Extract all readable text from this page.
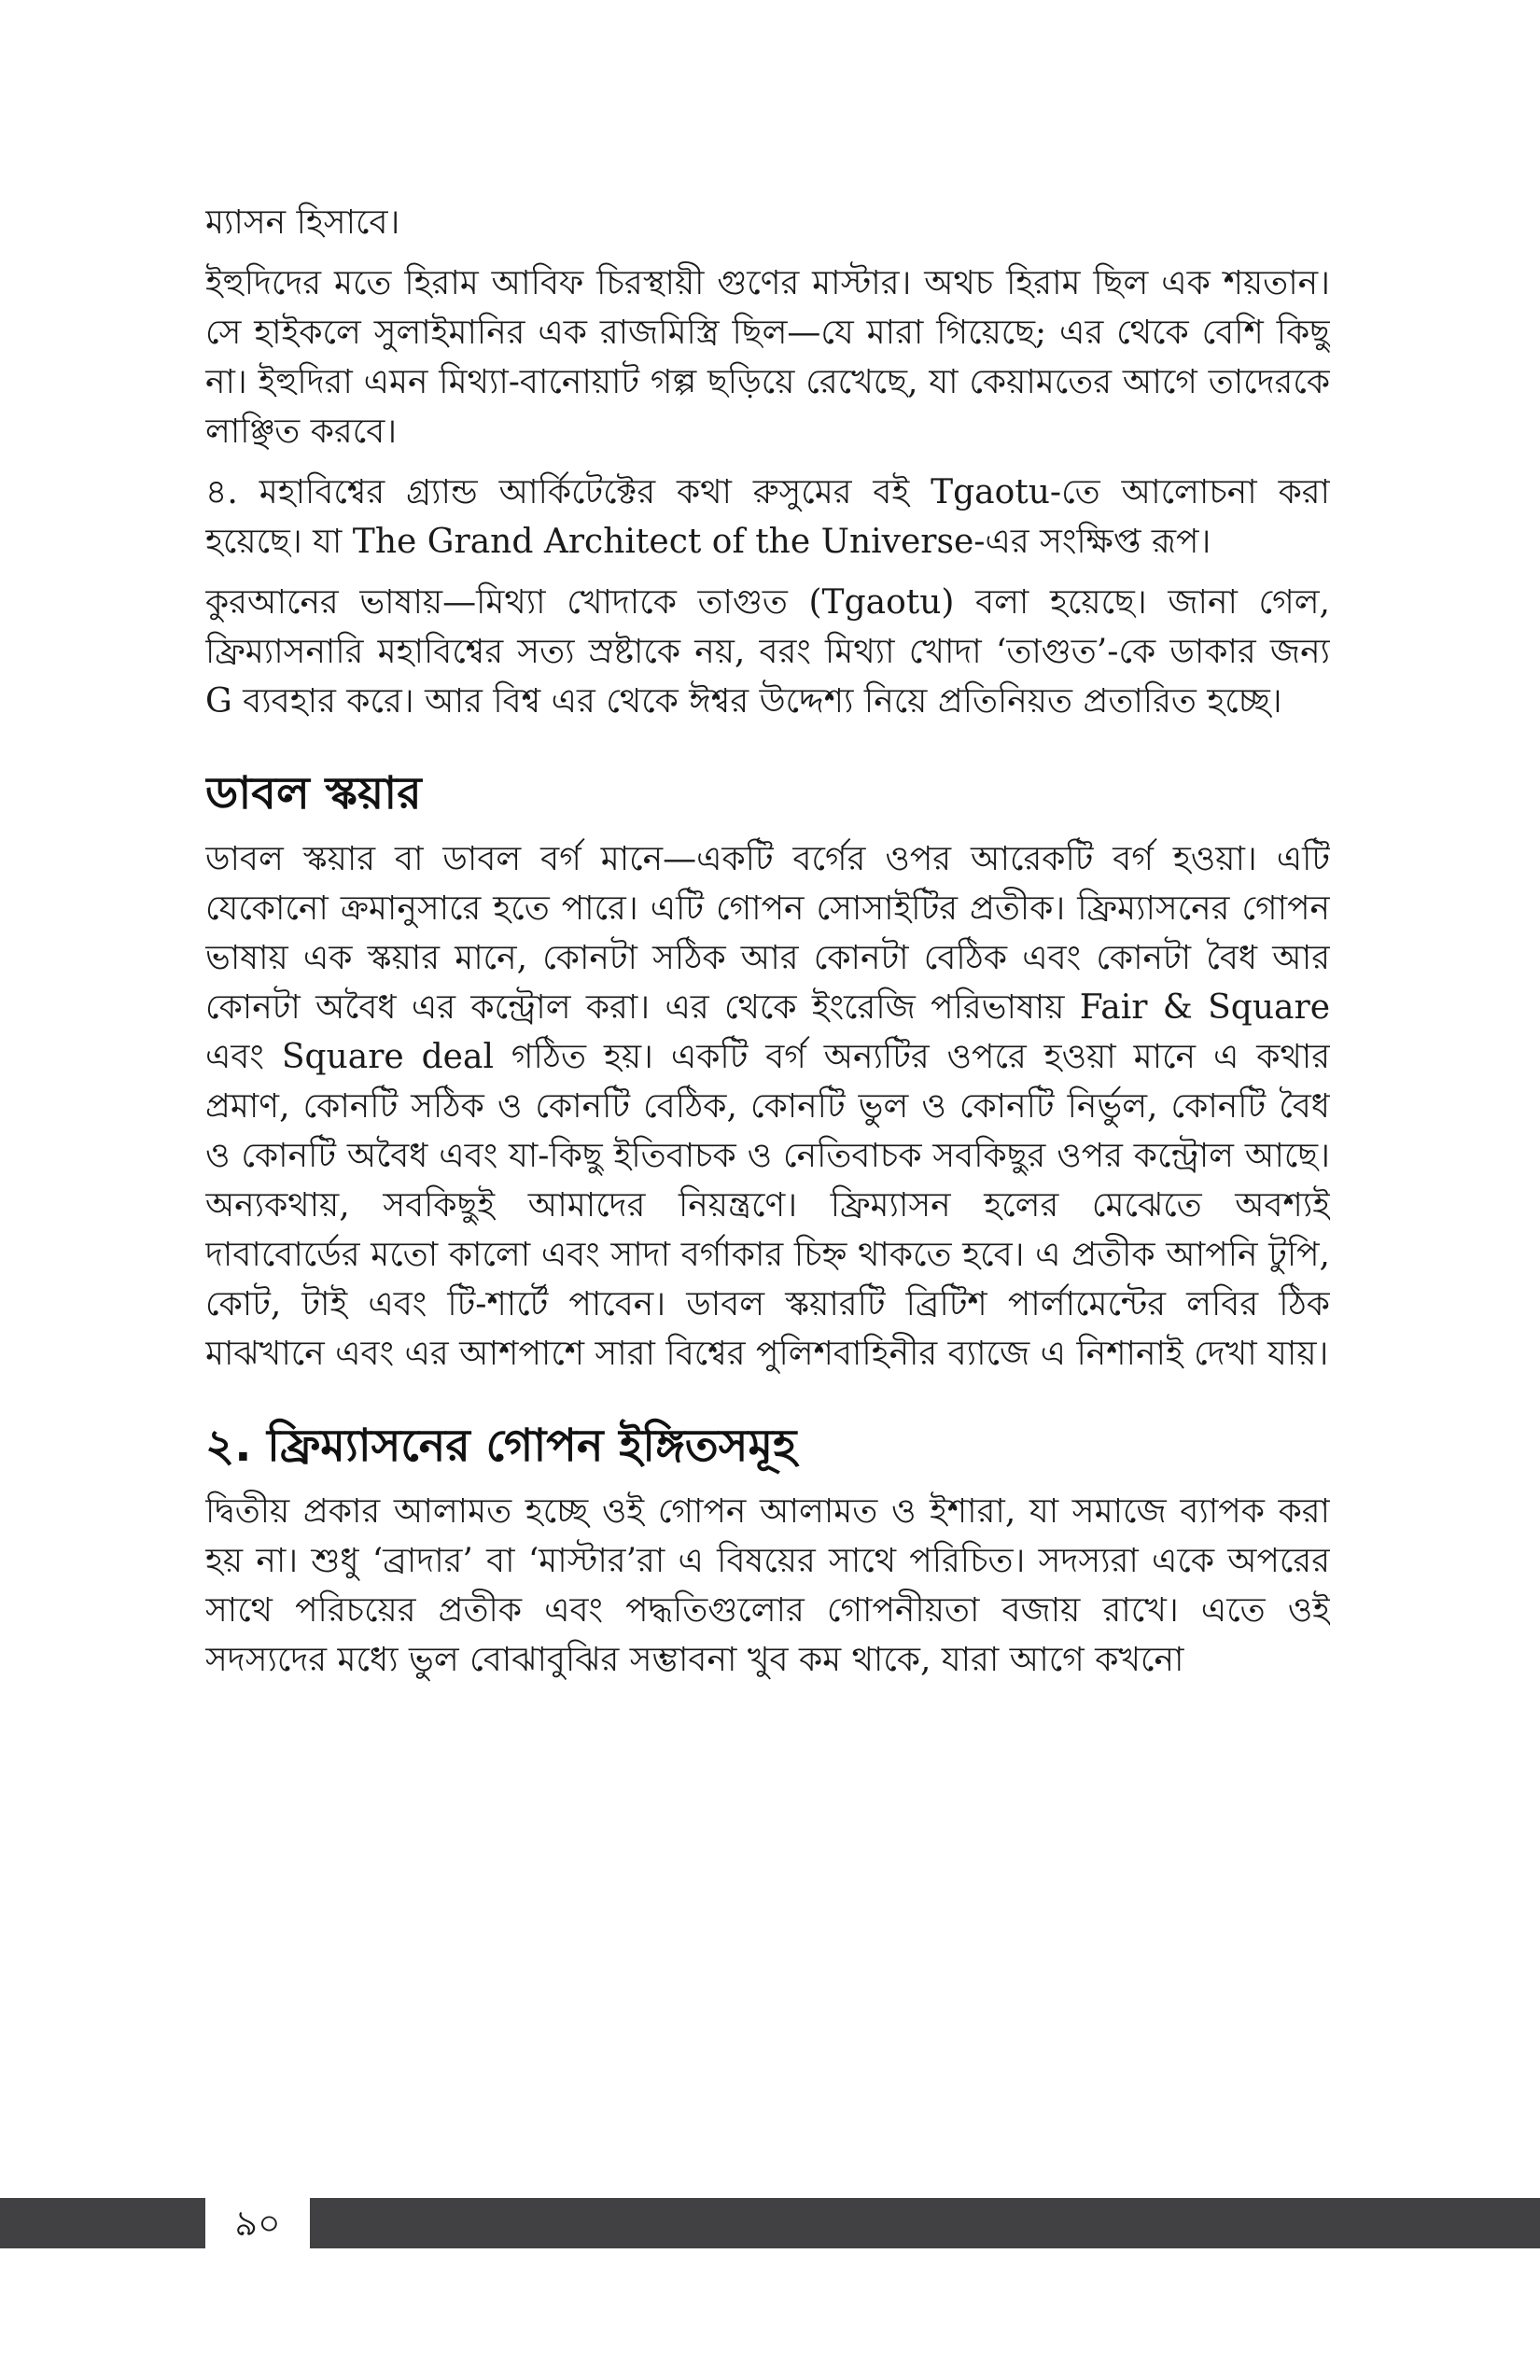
ম্যাসন হিসাবে।

ইহুদিদের মতে হিরাম আবিফ চিরস্থায়ী গুণের মাস্টার। অথচ হিরাম ছিল এক শয়তান। সে হাইকলে সুলাইমানির এক রাজমিস্ত্রি ছিল—যে মারা গিয়েছে; এর থেকে বেশি কিছু না। ইহুদিরা এমন মিথ্যা-বানোয়াট গল্প ছড়িয়ে রেখেছে, যা কেয়ামতের আগে তাদেরকে লাঞ্ছিত করবে।

৪. মহাবিশ্বের গ্র্যান্ড আর্কিটেক্টের কথা রুসুমের বই Tgaotu-তে আলোচনা করা হয়েছে। যা The Grand Architect of the Universe-এর সংক্ষিপ্ত রূপ।

কুরআনের ভাষায়—মিথ্যা খোদাকে তাগুত (Tgaotu) বলা হয়েছে। জানা গেল, ফ্রিম্যাসনারি মহাবিশ্বের সত্য স্রষ্টাকে নয়, বরং মিথ্যা খোদা ‘তাগুত’-কে ডাকার জন্য G ব্যবহার করে। আর বিশ্ব এর থেকে ঈশ্বর উদ্দেশ্য নিয়ে প্রতিনিয়ত প্রতারিত হচ্ছে।

ডাবল স্কয়ার

ডাবল স্কয়ার বা ডাবল বর্গ মানে—একটি বর্গের ওপর আরেকটি বর্গ হওয়া। এটি যেকোনো ক্রমানুসারে হতে পারে। এটি গোপন সোসাইটির প্রতীক। ফ্রিম্যাসনের গোপন ভাষায় এক স্কয়ার মানে, কোনটা সঠিক আর কোনটা বেঠিক এবং কোনটা বৈধ আর কোনটা অবৈধ এর কন্ট্রোল করা। এর থেকে ইংরেজি পরিভাষায় Fair & Square এবং Square deal গঠিত হয়। একটি বর্গ অন্যটির ওপরে হওয়া মানে এ কথার প্রমাণ, কোনটি সঠিক ও কোনটি বেঠিক, কোনটি ভুল ও কোনটি নির্ভুল, কোনটি বৈধ ও কোনটি অবৈধ এবং যা-কিছু ইতিবাচক ও নেতিবাচক সবকিছুর ওপর কন্ট্রোল আছে। অন্যকথায়, সবকিছুই আমাদের নিয়ন্ত্রণে। ফ্রিম্যাসন হলের মেঝেতে অবশ্যই দাবাবোর্ডের মতো কালো এবং সাদা বর্গাকার চিহ্ন থাকতে হবে। এ প্রতীক আপনি টুপি, কোট, টাই এবং টি-শার্টে পাবেন। ডাবল স্কয়ারটি ব্রিটিশ পার্লামেন্টের লবির ঠিক মাঝখানে এবং এর আশপাশে সারা বিশ্বের পুলিশবাহিনীর ব্যাজে এ নিশানাই দেখা যায়।

২. ফ্রিম্যাসনের গোপন ইঙ্গিতসমূহ

দ্বিতীয় প্রকার আলামত হচ্ছে ওই গোপন আলামত ও ইশারা, যা সমাজে ব্যাপক করা হয় না। শুধু ‘ব্রাদার’ বা ‘মাস্টার’রা এ বিষয়ের সাথে পরিচিত। সদস্যরা একে অপরের সাথে পরিচয়ের প্রতীক এবং পদ্ধতিগুলোর গোপনীয়তা বজায় রাখে। এতে ওই সদস্যদের মধ্যে ভুল বোঝাবুঝির সম্ভাবনা খুব কম থাকে, যারা আগে কখনো

৯০
